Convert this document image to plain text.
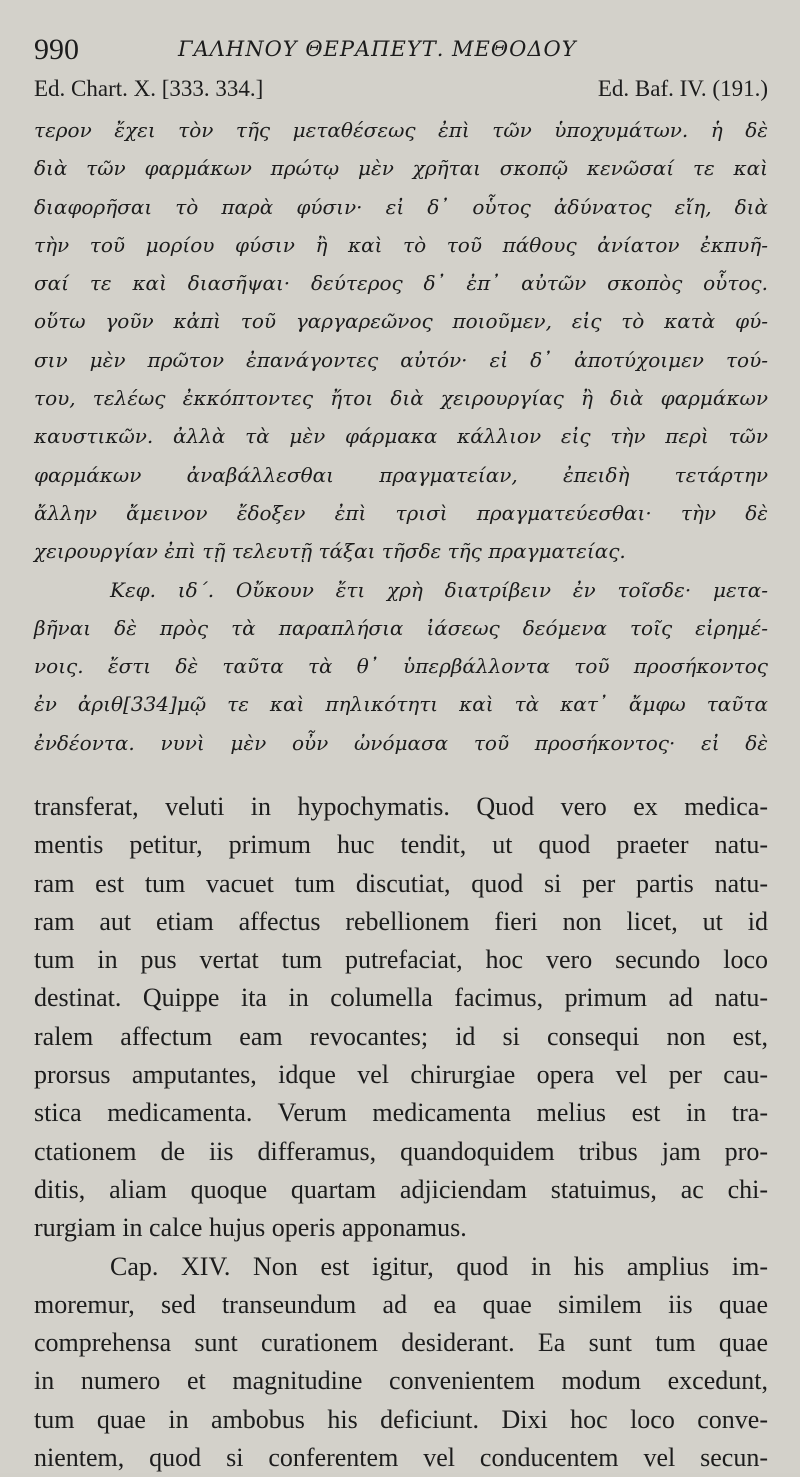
990	ΓΑΛΗΝΟΥ ΘΕΡΑΠΕΥΤ. ΜΕΘΟΔΟΥ
Ed. Chart. X. [333. 334.]	Ed. Baf. IV. (191.)
τερον ἔχει τὸν τῆς μεταθέσεως ἐπὶ τῶν ὑποχυμάτων. ἡ δὲ
διὰ τῶν φαρμάκων πρώτῳ μὲν χρῆται σκοπῷ κενῶσαί τε καὶ
διαφορῆσαι τὸ παρὰ φύσιν· εἰ δ᾽ οὗτος ἀδύνατος εἴη, διὰ
τὴν τοῦ μορίου φύσιν ἢ καὶ τὸ τοῦ πάθους ἀνίατον ἐκπυῆ-
σαί τε καὶ διασῆψαι· δεύτερος δ᾽ ἐπ᾽ αὐτῶν σκοπὸς οὗτος.
οὕτω γοῦν κἀπὶ τοῦ γαργαρεῶνος ποιοῦμεν, εἰς τὸ κατὰ φύ-
σιν μὲν πρῶτον ἐπανάγοντες αὐτόν· εἰ δ᾽ ἀποτύχοιμεν τού-
του, τελέως ἐκκόπτοντες ἤτοι διὰ χειρουργίας ἢ διὰ φαρμάκων
καυστικῶν. ἀλλὰ τὰ μὲν φάρμακα κάλλιον εἰς τὴν περὶ τῶν
φαρμάκων ἀναβάλλεσθαι πραγματείαν, ἐπειδὴ τετάρτην
ἄλλην ἄμεινον ἔδοξεν ἐπὶ τρισὶ πραγματεύεσθαι· τὴν δὲ
χειρουργίαν ἐπὶ τῇ τελευτῇ τάξαι τῆσδε τῆς πραγματείας.
Κεφ. ιδ΄. Οὔκουν ἔτι χρὴ διατρίβειν ἐν τοῖσδε· μετα-
βῆναι δὲ πρὸς τὰ παραπλήσια ἰάσεως δεόμενα τοῖς εἰρημέ-
νοις. ἔστι δὲ ταῦτα τὰ θ᾽ ὑπερβάλλοντα τοῦ προσήκοντος
ἐν ἀριθ[334]μῷ τε καὶ πηλικότητι καὶ τὰ κατ᾽ ἄμφω ταῦτα
ἐνδέοντα. νυνὶ μὲν οὖν ὠνόμασα τοῦ προσήκοντος· εἰ δὲ
transferat, veluti in hypochymatis. Quod vero ex medica-
mentis petitur, primum huc tendit, ut quod praeter natu-
ram est tum vacuet tum discutiat, quod si per partis natu-
ram aut etiam affectus rebellionem fieri non licet, ut id
tum in pus vertat tum putrefaciat, hoc vero secundo loco
destinat. Quippe ita in columella facimus, primum ad natu-
ralem affectum eam revocantes; id si consequi non est,
prorsus amputantes, idque vel chirurgiae opera vel per cau-
stica medicamenta. Verum medicamenta melius est in tra-
ctationem de iis differamus, quandoquidem tribus jam pro-
ditis, aliam quoque quartam adjiciendam statuimus, ac chi-
rurgiam in calce hujus operis apponamus.
Cap. XIV. Non est igitur, quod in his amplius im-
moremur, sed transeundum ad ea quae similem iis quae
comprehensa sunt curationem desiderant. Ea sunt tum quae
in numero et magnitudine convenientem modum excedunt,
tum quae in ambobus his deficiunt. Dixi hoc loco conve-
nientem, quod si conferentem vel conducentem vel secun-
